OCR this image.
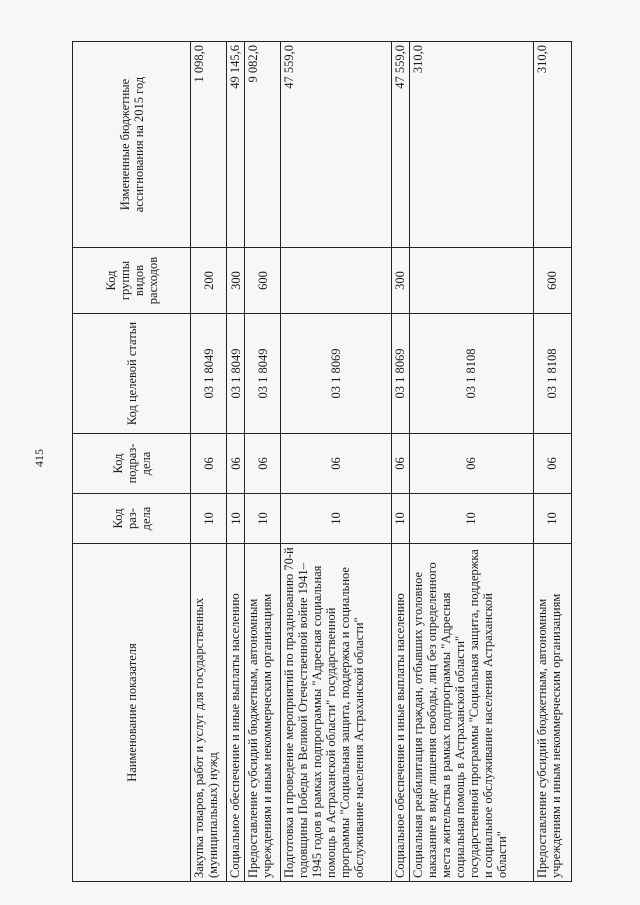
415
Наименование показателя	Код раз- дела	Код подраз- дела	Код целевой статьи	Код группы видов расходов	Измененные бюджетные ассигнования на 2015 год
Закупка товаров, работ и услуг для государственных (муниципальных) нужд	10	06	03 1 8049	200	1 098,0
Социальное обеспечение и иные выплаты населению	10	06	03 1 8049	300	49 145,6
Предоставление субсидий бюджетным, автономным учреждениям и иным некоммерческим организациям	10	06	03 1 8049	600	9 082,0
Подготовка и проведение мероприятий по празднованию 70-й годовщины Победы в Великой Отечественной войне 1941–1945 годов в рамках подпрограммы "Адресная социальная помощь в Астраханской области" государственной программы "Социальная защита, поддержка и социальное обслуживание населения Астраханской области"	10	06	03 1 8069		47 559,0
Социальное обеспечение и иные выплаты населению	10	06	03 1 8069	300	47 559,0
Социальная реабилитация граждан, отбывших уголовное наказание в виде лишения свободы, лиц без определенного места жительства в рамках подпрограммы "Адресная социальная помощь в Астраханской области" государственной программы "Социальная защита, поддержка и социальное обслуживание населения Астраханской области"	10	06	03 1 8108		310,0
Предоставление субсидий бюджетным, автономным учреждениям и иным некоммерческим организациям	10	06	03 1 8108	600	310,0
